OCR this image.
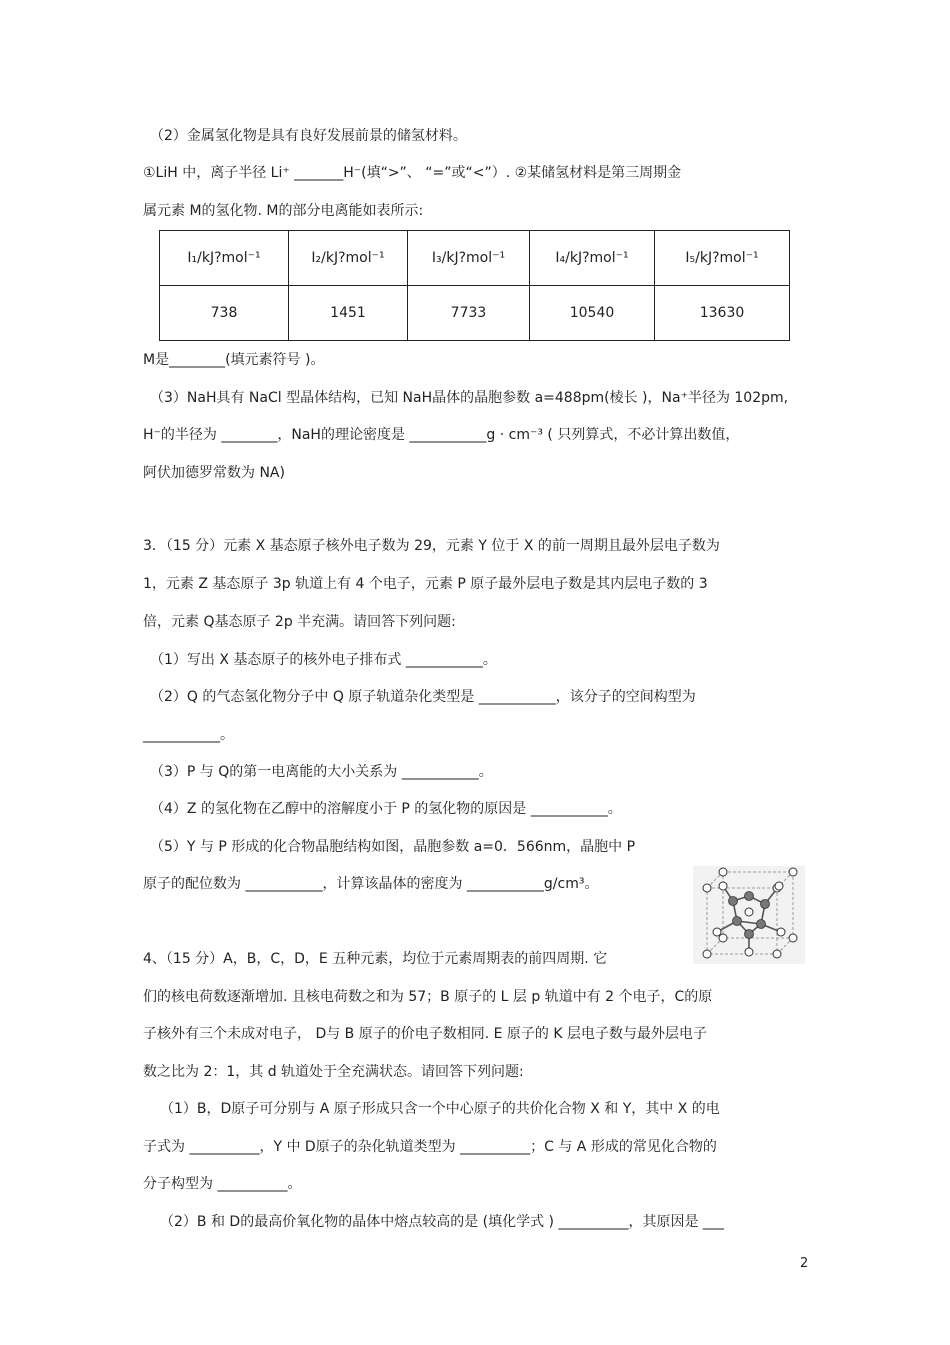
（2）金属氢化物是具有良好发展前景的储氢材料。
①LiH 中，离子半径 Li⁺ _______H⁻(填“>”、 “=”或“<”）. ②某储氢材料是第三周期金
属元素 M的氢化物. M的部分电离能如表所示:
I₁/kJ?mol⁻¹	I₂/kJ?mol⁻¹	I₃/kJ?mol⁻¹	I₄/kJ?mol⁻¹	I₅/kJ?mol⁻¹
738	1451	7733	10540	13630
M是________(填元素符号 )。
（3）NaH具有 NaCl 型晶体结构，已知 NaH晶体的晶胞参数 a=488pm(棱长 )，Na⁺半径为 102pm,
H⁻的半径为 ________，NaH的理论密度是 ___________g · cm⁻³ ( 只列算式，不必计算出数值，
阿伏加德罗常数为 NA)
3．（15 分）元素 X 基态原子核外电子数为 29，元素 Y 位于 X 的前一周期且最外层电子数为
1，元素 Z 基态原子 3p 轨道上有 4 个电子，元素 P 原子最外层电子数是其内层电子数的 3
倍，元素 Q基态原子 2p 半充满。请回答下列问题:
（1）写出 X 基态原子的核外电子排布式 ___________。
（2）Q 的气态氢化物分子中 Q 原子轨道杂化类型是 ___________，该分子的空间构型为
___________。
（3）P 与 Q的第一电离能的大小关系为 ___________。
（4）Z 的氢化物在乙醇中的溶解度小于 P 的氢化物的原因是 ___________。
（5）Y 与 P 形成的化合物晶胞结构如图，晶胞参数 a=0．566nm，晶胞中 P
原子的配位数为 ___________，计算该晶体的密度为 ___________g/cm³。
4、（15 分）A，B，C，D，E 五种元素，均位于元素周期表的前四周期. 它
们的核电荷数逐渐增加. 且核电荷数之和为 57；B 原子的 L 层 p 轨道中有 2 个电子，C的原
子核外有三个未成对电子， D与 B 原子的价电子数相同. E 原子的 K 层电子数与最外层电子
数之比为 2：1，其 d 轨道处于全充满状态。请回答下列问题:
（1）B，D原子可分别与 A 原子形成只含一个中心原子的共价化合物 X 和 Y，其中 X 的电
子式为 __________，Y 中 D原子的杂化轨道类型为 __________；C 与 A 形成的常见化合物的
分子构型为 __________。
（2）B 和 D的最高价氧化物的晶体中熔点较高的是 (填化学式 ) __________，其原因是 ___
2
